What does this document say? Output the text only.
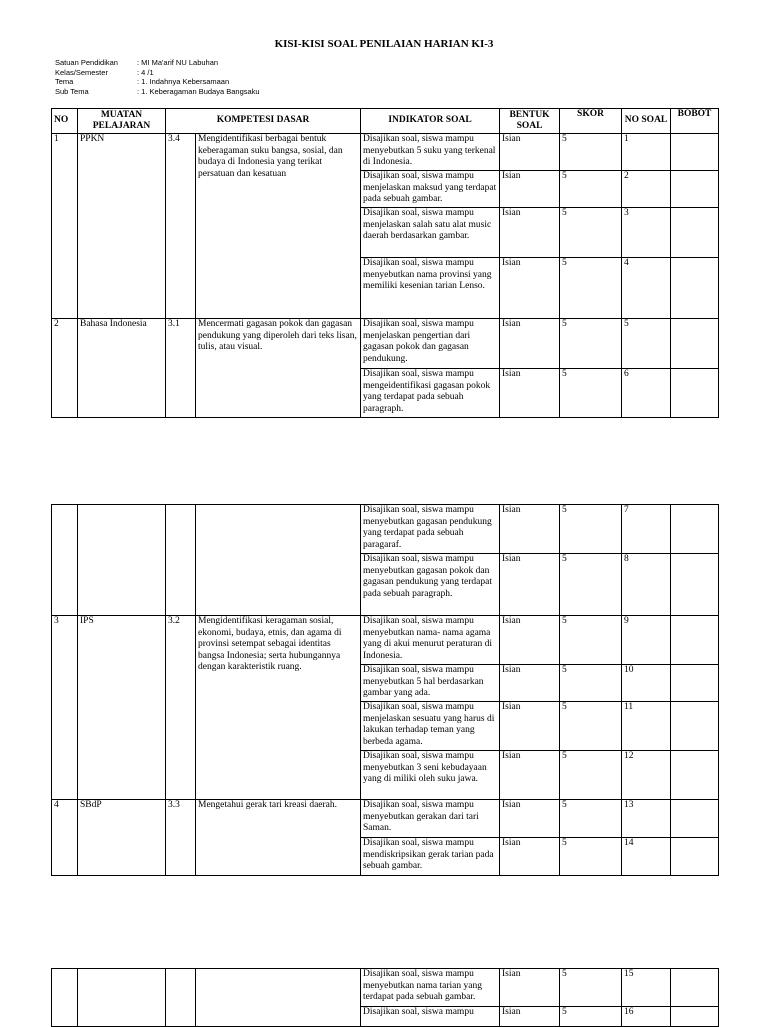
KISI-KISI SOAL PENILAIAN HARIAN KI-3
Satuan Pendidikan	: MI Ma'arif NU Labuhan
Kelas/Semester	: 4 /1
Tema	: 1. Indahnya Kebersamaan
Sub Tema	: 1. Keberagaman Budaya Bangsaku
NO	MUATAN PELAJARAN	KOMPETESI DASAR		INDIKATOR SOAL	BENTUK SOAL	SKOR	NO SOAL	BOBOT
1	PPKN	3.4	Mengidentifikasi berbagai bentuk keberagaman suku bangsa, sosial, dan budaya di Indonesia yang terikat persatuan dan kesatuan	Disajikan soal, siswa mampu menyebutkan 5 suku yang terkenal di Indonesia.	Isian	5	1	
				Disajikan soal, siswa mampu menjelaskan maksud yang terdapat pada sebuah gambar.	Isian	5	2	
				Disajikan soal, siswa mampu menjelaskan salah satu alat music daerah berdasarkan gambar.	Isian	5	3	
				Disajikan soal, siswa mampu menyebutkan nama provinsi yang memiliki kesenian tarian Lenso.	Isian	5	4	
2	Bahasa Indonesia	3.1	Mencermati gagasan pokok dan gagasan pendukung yang diperoleh dari teks lisan, tulis, atau visual.	Disajikan soal, siswa mampu menjelaskan pengertian dari gagasan pokok dan gagasan pendukung.	Isian	5	5	
				Disajikan soal, siswa mampu mengeidentifikasi gagasan pokok yang terdapat pada sebuah paragraph.	Isian	5	6	
				Disajikan soal, siswa mampu menyebutkan gagasan pendukung yang terdapat pada sebuah paragaraf.	Isian	5	7	
				Disajikan soal, siswa mampu menyebutkan gagasan pokok dan gagasan pendukung yang terdapat pada sebuah paragraph.	Isian	5	8	
3	IPS	3.2	Mengidentifikasi keragaman sosial, ekonomi, budaya, etnis, dan agama di provinsi setempat sebagai identitas bangsa Indonesia; serta hubungannya dengan karakteristik ruang.	Disajikan soal, siswa mampu menyebutkan nama- nama agama yang di akui menurut peraturan di Indonesia.	Isian	5	9	
				Disajikan soal, siswa mampu menyebutkan 5 hal berdasarkan gambar yang ada.	Isian	5	10	
				Disajikan soal, siswa mampu menjelaskan sesuatu yang harus di lakukan terhadap teman yang berbeda agama.	Isian	5	11	
				Disajikan soal, siswa mampu menyebutkan 3 seni kebudayaan yang di miliki oleh suku jawa.	Isian	5	12	
4	SBdP	3.3	Mengetahui gerak tari kreasi daerah.	Disajikan soal, siswa mampu menyebutkan gerakan dari tari Saman.	Isian	5	13	
				Disajikan soal, siswa mampu mendiskripsikan gerak tarian pada sebuah gambar.	Isian	5	14	
				Disajikan soal, siswa mampu menyebutkan nama tarian yang terdapat pada sebuah gambar.	Isian	5	15	
				Disajikan soal, siswa mampu	Isian	5	16	
